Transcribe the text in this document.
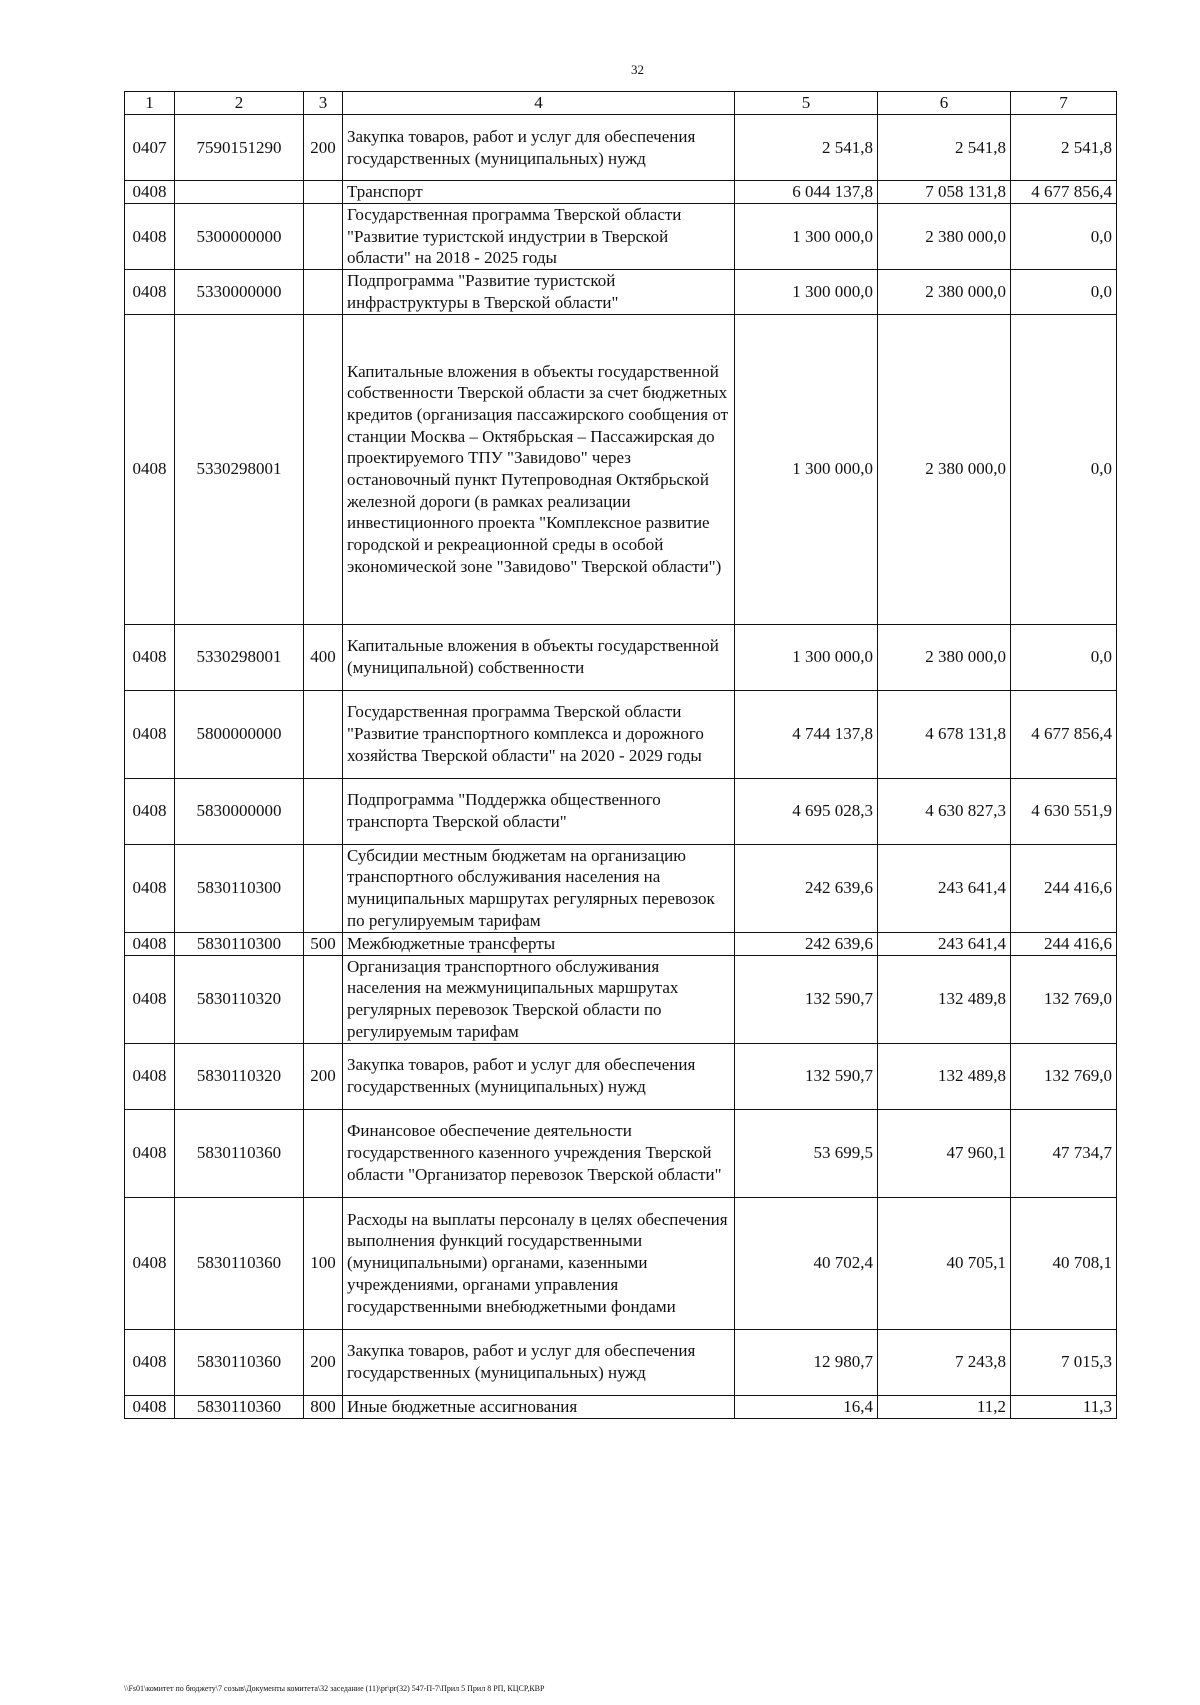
32
1	2	3	4	5	6	7
0407	7590151290	200	Закупка товаров, работ и услуг для обеспечения государственных (муниципальных) нужд	2 541,8	2 541,8	2 541,8
0408			Транспорт	6 044 137,8	7 058 131,8	4 677 856,4
0408	5300000000		Государственная программа Тверской области "Развитие туристской индустрии в Тверской области" на 2018 - 2025 годы	1 300 000,0	2 380 000,0	0,0
0408	5330000000		Подпрограмма "Развитие туристской инфраструктуры в Тверской области"	1 300 000,0	2 380 000,0	0,0
0408	5330298001		Капитальные вложения в объекты государственной собственности Тверской области за счет бюджетных кредитов (организация пассажирского сообщения от станции Москва – Октябрьская – Пассажирская до проектируемого ТПУ "Завидово" через остановочный пункт Путепроводная Октябрьской железной дороги (в рамках реализации инвестиционного проекта "Комплексное развитие городской и рекреационной среды в особой экономической зоне "Завидово" Тверской области")	1 300 000,0	2 380 000,0	0,0
0408	5330298001	400	Капитальные вложения в объекты государственной (муниципальной) собственности	1 300 000,0	2 380 000,0	0,0
0408	5800000000		Государственная программа Тверской области "Развитие транспортного комплекса и дорожного хозяйства Тверской области" на 2020 - 2029 годы	4 744 137,8	4 678 131,8	4 677 856,4
0408	5830000000		Подпрограмма "Поддержка общественного транспорта Тверской области"	4 695 028,3	4 630 827,3	4 630 551,9
0408	5830110300		Субсидии местным бюджетам на организацию транспортного обслуживания населения на муниципальных маршрутах регулярных перевозок по регулируемым тарифам	242 639,6	243 641,4	244 416,6
0408	5830110300	500	Межбюджетные трансферты	242 639,6	243 641,4	244 416,6
0408	5830110320		Организация транспортного обслуживания населения на межмуниципальных маршрутах регулярных перевозок Тверской области по регулируемым тарифам	132 590,7	132 489,8	132 769,0
0408	5830110320	200	Закупка товаров, работ и услуг для обеспечения государственных (муниципальных) нужд	132 590,7	132 489,8	132 769,0
0408	5830110360		Финансовое обеспечение деятельности государственного казенного учреждения Тверской области "Организатор перевозок Тверской области"	53 699,5	47 960,1	47 734,7
0408	5830110360	100	Расходы на выплаты персоналу в целях обеспечения выполнения функций государственными (муниципальными) органами, казенными учреждениями, органами управления государственными внебюджетными фондами	40 702,4	40 705,1	40 708,1
0408	5830110360	200	Закупка товаров, работ и услуг для обеспечения государственных (муниципальных) нужд	12 980,7	7 243,8	7 015,3
0408	5830110360	800	Иные бюджетные ассигнования	16,4	11,2	11,3
\\Fs01\комитет по бюджету\7 созыв\Документы комитета\32 заседание (11)\pr\pr(32) 547-П-7\Прил 5 Прил 8 РП, КЦСР,КВР
